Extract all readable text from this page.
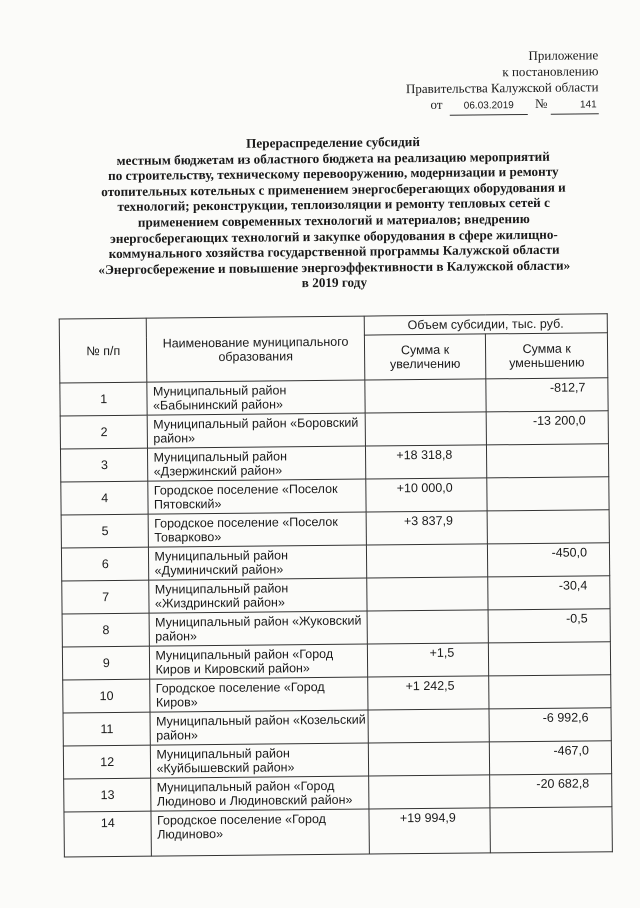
Приложение
к постановлению
Правительства Калужской области
от 06.03.2019 №	141
Перераспределение субсидий
местным бюджетам из областного бюджета на реализацию мероприятий
по строительству, техническому перевооружению, модернизации и ремонту
отопительных котельных с применением энергосберегающих оборудования и
технологий; реконструкции, теплоизоляции и ремонту тепловых сетей с
применением современных технологий и материалов; внедрению
энергосберегающих технологий и закупке оборудования в сфере жилищно-
коммунального хозяйства государственной программы Калужской области
«Энергосбережение и повышение энергоэффективности в Калужской области»
в 2019 году
№ п/п	Наименование муниципального образования	Объем субсидии, тыс. руб.	
		Сумма к увеличению	Сумма к уменьшению
1	Муниципальный район «Бабынинский район»		-812,7
2	Муниципальный район «Боровский район»		-13 200,0
3	Муниципальный район «Дзержинский район»	+18 318,8	
4	Городское поселение «Поселок Пятовский»	+10 000,0	
5	Городское поселение «Поселок Товарково»	+3 837,9	
6	Муниципальный район «Думиничский район»		-450,0
7	Муниципальный район «Жиздринский район»		-30,4
8	Муниципальный район «Жуковский район»		-0,5
9	Муниципальный район «Город Киров и Кировский район»	+1,5	
10	Городское поселение «Город Киров»	+1 242,5	
11	Муниципальный район «Козельский район»		-6 992,6
12	Муниципальный район «Куйбышевский район»		-467,0
13	Муниципальный район «Город Людиново и Людиновский район»		-20 682,8
14	Городское поселение «Город Людиново»	+19 994,9	
